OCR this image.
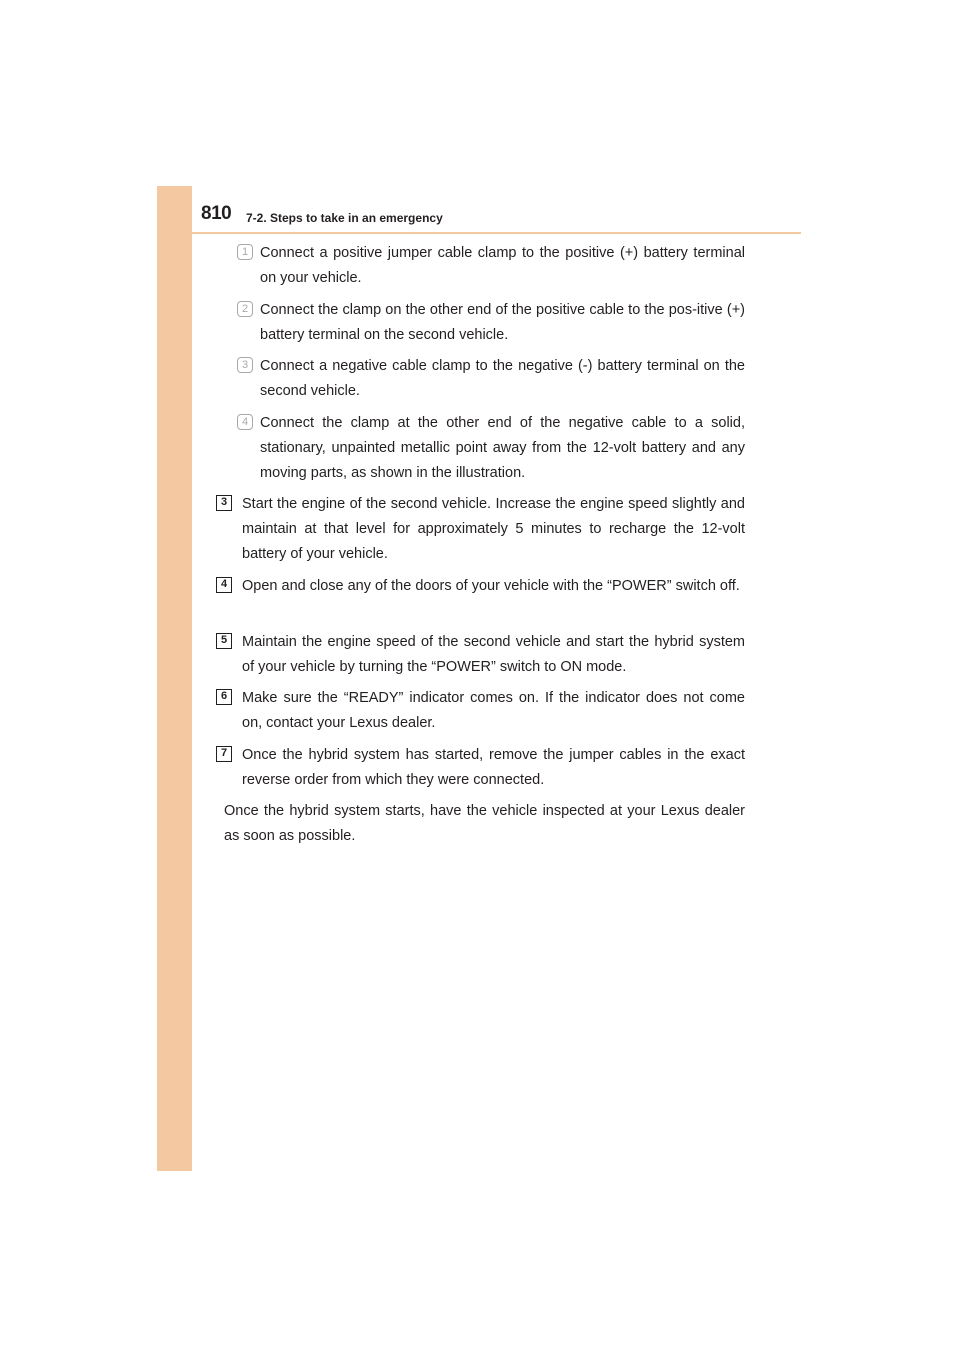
810 7-2. Steps to take in an emergency
1 Connect a positive jumper cable clamp to the positive (+) battery terminal on your vehicle.
2 Connect the clamp on the other end of the positive cable to the pos-itive (+) battery terminal on the second vehicle.
3 Connect a negative cable clamp to the negative (-) battery terminal on the second vehicle.
4 Connect the clamp at the other end of the negative cable to a solid, stationary, unpainted metallic point away from the 12-volt battery and any moving parts, as shown in the illustration.
3	Start the engine of the second vehicle. Increase the engine speed slightly and maintain at that level for approximately 5 minutes to recharge the 12-volt battery of your vehicle.
4	Open and close any of the doors of your vehicle with the “POWER” switch off.
5	Maintain the engine speed of the second vehicle and start the hybrid system of your vehicle by turning the “POWER” switch to ON mode.
6	Make sure the “READY” indicator comes on. If the indicator does not come on, contact your Lexus dealer.
7	Once the hybrid system has started, remove the jumper cables in the exact reverse order from which they were connected.
Once the hybrid system starts, have the vehicle inspected at your Lexus dealer as soon as possible.
